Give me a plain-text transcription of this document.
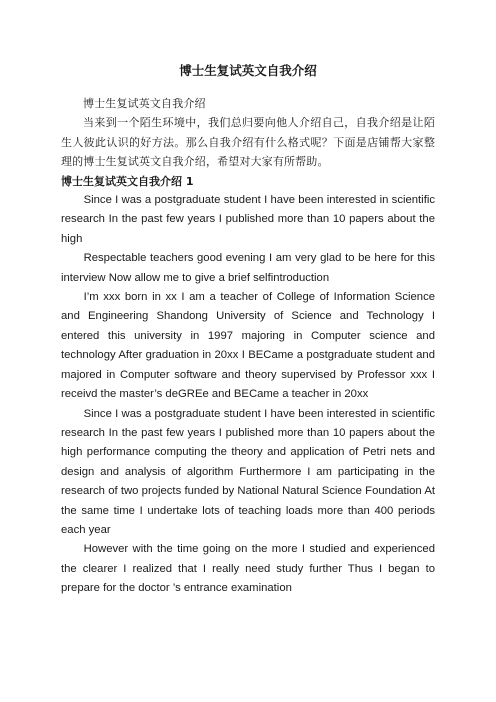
博士生复试英文自我介绍

博士生复试英文自我介绍

当来到一个陌生环境中，我们总归要向他人介绍自己，自我介绍是让陌生人彼此认识的好方法。那么自我介绍有什么格式呢？下面是店铺帮大家整理的博士生复试英文自我介绍，希望对大家有所帮助。

博士生复试英文自我介绍 1

Since I was a postgraduate student I have been interested in scientific research In the past few years I published more than 10 papers about the high

Respectable teachers good evening I am very glad to be here for this interview Now allow me to give a brief selfintroduction

I’m xxx born in xx I am a teacher of College of Information Science and Engineering Shandong University of Science and Technology I entered this university in 1997 majoring in Computer science and technology After graduation in 20xx I BECame a postgraduate student and majored in Computer software and theory supervised by Professor xxx I receivd the master’s deGREe and BECame a teacher in 20xx

Since I was a postgraduate student I have been interested in scientific research In the past few years I published more than 10 papers about the high performance computing the theory and application of Petri nets and design and analysis of algorithm Furthermore I am participating in the research of two projects funded by National Natural Science Foundation At the same time I undertake lots of teaching loads more than 400 periods each year

However with the time going on the more I studied and experienced the clearer I realized that I really need study further Thus I began to prepare for the doctor ’s entrance examination
